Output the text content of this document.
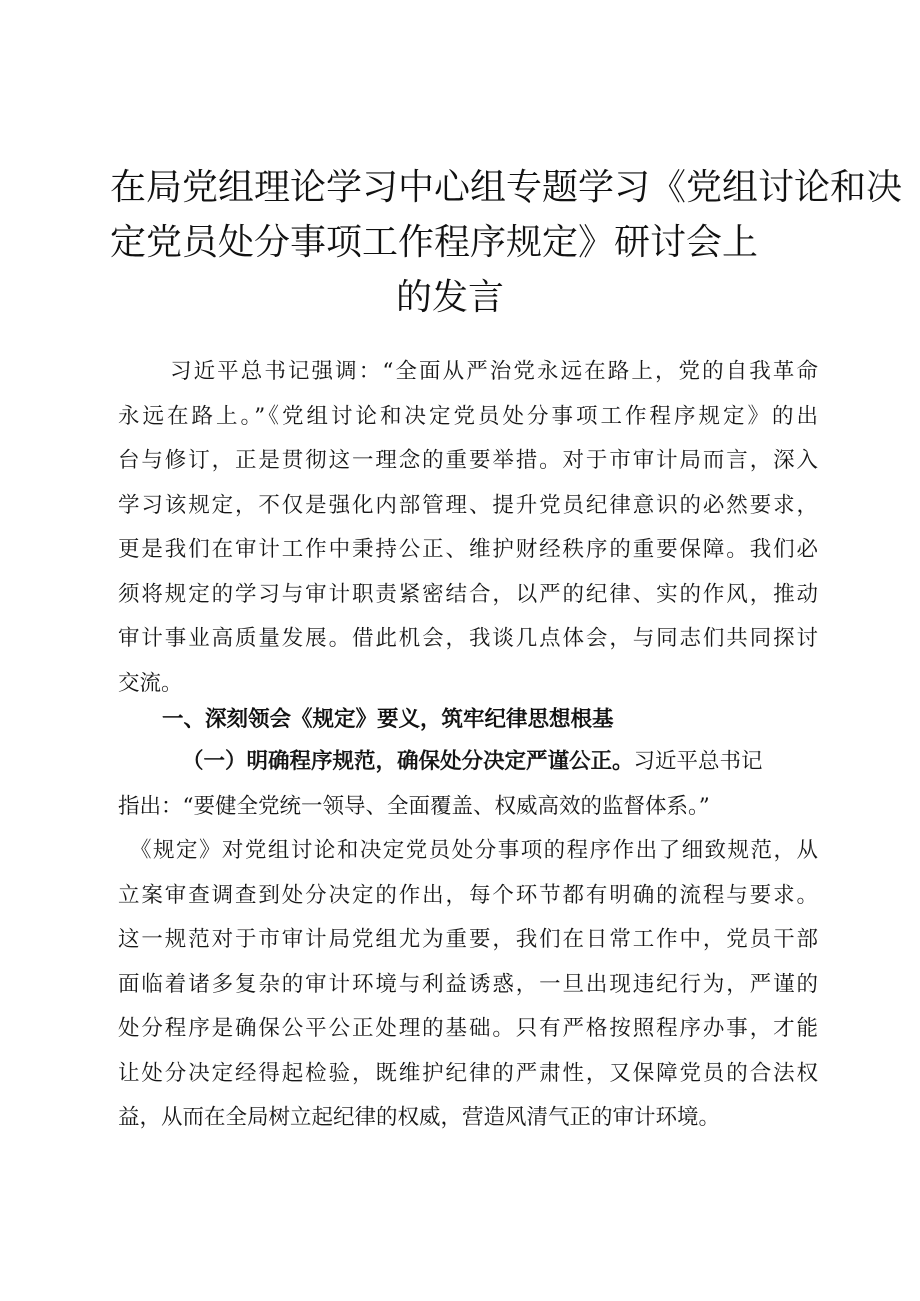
在局党组理论学习中心组专题学习《党组讨论和决
定党员处分事项工作程序规定》研讨会上
的发言
习近平总书记强调：“全面从严治党永远在路上，党的自我革命
永远在路上。”《党组讨论和决定党员处分事项工作程序规定》的出
台与修订，正是贯彻这一理念的重要举措。对于市审计局而言，深入
学习该规定，不仅是强化内部管理、提升党员纪律意识的必然要求，
更是我们在审计工作中秉持公正、维护财经秩序的重要保障。我们必
须将规定的学习与审计职责紧密结合，以严的纪律、实的作风，推动
审计事业高质量发展。借此机会，我谈几点体会，与同志们共同探讨
交流。
一、深刻领会《规定》要义，筑牢纪律思想根基
（一）明确程序规范，确保处分决定严谨公正。习近平总书记
指出：“要健全党统一领导、全面覆盖、权威高效的监督体系。”
《规定》对党组讨论和决定党员处分事项的程序作出了细致规范，从
立案审查调查到处分决定的作出，每个环节都有明确的流程与要求。
这一规范对于市审计局党组尤为重要，我们在日常工作中，党员干部
面临着诸多复杂的审计环境与利益诱惑，一旦出现违纪行为，严谨的
处分程序是确保公平公正处理的基础。只有严格按照程序办事，才能
让处分决定经得起检验，既维护纪律的严肃性，又保障党员的合法权
益，从而在全局树立起纪律的权威，营造风清气正的审计环境。
